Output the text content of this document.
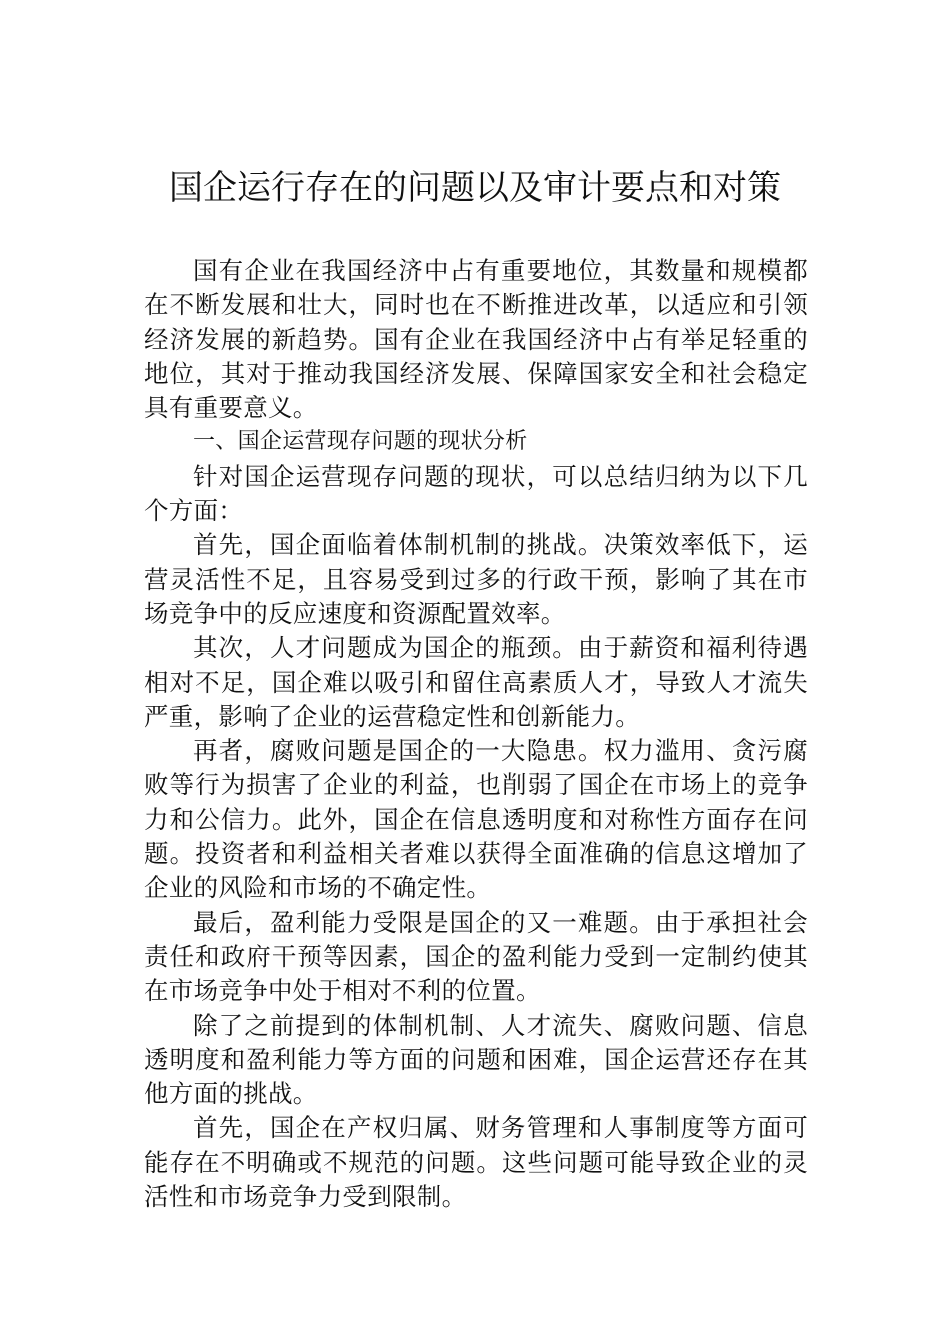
国企运行存在的问题以及审计要点和对策

国有企业在我国经济中占有重要地位，其数量和规模都在不断发展和壮大，同时也在不断推进改革，以适应和引领经济发展的新趋势。国有企业在我国经济中占有举足轻重的地位，其对于推动我国经济发展、保障国家安全和社会稳定具有重要意义。

一、国企运营现存问题的现状分析

针对国企运营现存问题的现状，可以总结归纳为以下几个方面：

首先，国企面临着体制机制的挑战。决策效率低下，运营灵活性不足，且容易受到过多的行政干预，影响了其在市场竞争中的反应速度和资源配置效率。

其次，人才问题成为国企的瓶颈。由于薪资和福利待遇相对不足，国企难以吸引和留住高素质人才，导致人才流失严重，影响了企业的运营稳定性和创新能力。

再者，腐败问题是国企的一大隐患。权力滥用、贪污腐败等行为损害了企业的利益，也削弱了国企在市场上的竞争力和公信力。此外，国企在信息透明度和对称性方面存在问题。投资者和利益相关者难以获得全面准确的信息这增加了企业的风险和市场的不确定性。

最后，盈利能力受限是国企的又一难题。由于承担社会责任和政府干预等因素，国企的盈利能力受到一定制约使其在市场竞争中处于相对不利的位置。

除了之前提到的体制机制、人才流失、腐败问题、信息透明度和盈利能力等方面的问题和困难，国企运营还存在其他方面的挑战。

首先，国企在产权归属、财务管理和人事制度等方面可能存在不明确或不规范的问题。这些问题可能导致企业的灵活性和市场竞争力受到限制。
